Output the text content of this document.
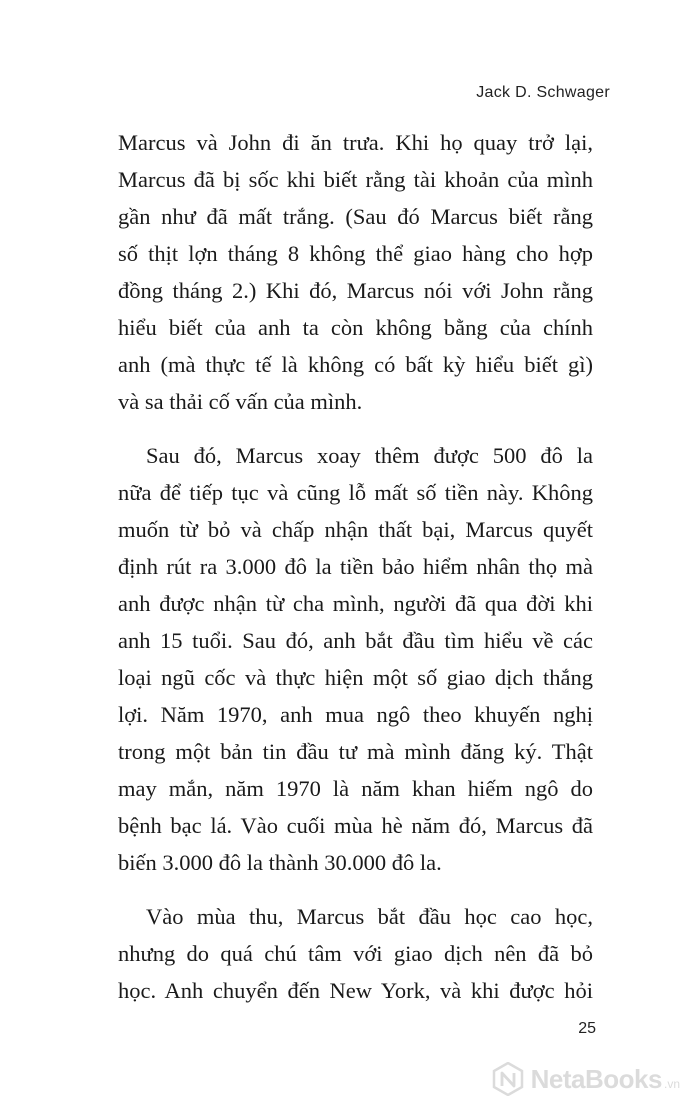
Jack D. Schwager

Marcus và John đi ăn trưa. Khi họ quay trở lại,
Marcus đã bị sốc khi biết rằng tài khoản của mình
gần như đã mất trắng. (Sau đó Marcus biết rằng
số thịt lợn tháng 8 không thể giao hàng cho hợp
đồng tháng 2.) Khi đó, Marcus nói với John rằng
hiểu biết của anh ta còn không bằng của chính
anh (mà thực tế là không có bất kỳ hiểu biết gì)
và sa thải cố vấn của mình.

Sau đó, Marcus xoay thêm được 500 đô la
nữa để tiếp tục và cũng lỗ mất số tiền này. Không
muốn từ bỏ và chấp nhận thất bại, Marcus quyết
định rút ra 3.000 đô la tiền bảo hiểm nhân thọ mà
anh được nhận từ cha mình, người đã qua đời khi
anh 15 tuổi. Sau đó, anh bắt đầu tìm hiểu về các
loại ngũ cốc và thực hiện một số giao dịch thắng
lợi. Năm 1970, anh mua ngô theo khuyến nghị
trong một bản tin đầu tư mà mình đăng ký. Thật
may mắn, năm 1970 là năm khan hiếm ngô do
bệnh bạc lá. Vào cuối mùa hè năm đó, Marcus đã
biến 3.000 đô la thành 30.000 đô la.

Vào mùa thu, Marcus bắt đầu học cao học,
nhưng do quá chú tâm với giao dịch nên đã bỏ
học. Anh chuyển đến New York, và khi được hỏi

25
NetaBooks .vn
